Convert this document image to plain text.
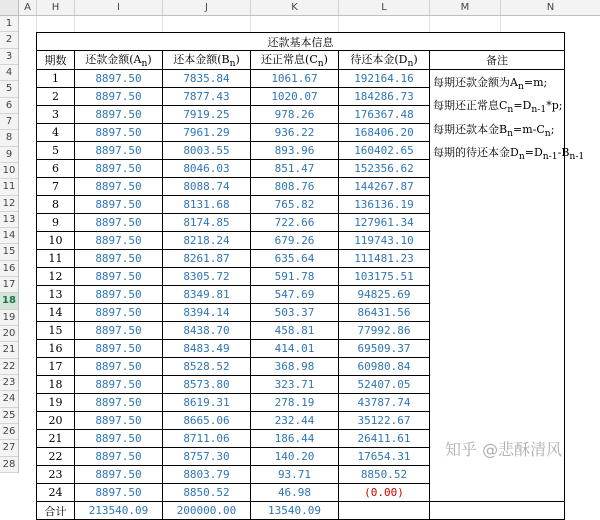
A	H	I	J	K	L	M	N
1
2
3
4
5
6
7
8
9
10
11
12
13
14
15
16
17
18
19
20
21
22
23
24
25
26
27
28
还款基本信息					
期数	还款金额$(A_n)$	还本金额$(B_n)$	还正常息$(C_n)$	待还本金$(D_n)$	备注
1	8897.50	7835.84	1061.67	192164.16	每期还款金额为$A_n=m$;
每期还正常息$C_n=D_{n-1}*p$;
每期还款本金$B_n=m-C_n$;
每期的待还本金$D_n=D_{n-1}-B_{n-1}$

2	8897.50	7877.43	1020.07	184286.73	
3	8897.50	7919.25	978.26	176367.48	
4	8897.50	7961.29	936.22	168406.20	
5	8897.50	8003.55	893.96	160402.65	
6	8897.50	8046.03	851.47	152356.62	
7	8897.50	8088.74	808.76	144267.87	
8	8897.50	8131.68	765.82	136136.19	
9	8897.50	8174.85	722.66	127961.34	
10	8897.50	8218.24	679.26	119743.10	
11	8897.50	8261.87	635.64	111481.23	
12	8897.50	8305.72	591.78	103175.51	
13	8897.50	8349.81	547.69	94825.69	
14	8897.50	8394.14	503.37	86431.56	
15	8897.50	8438.70	458.81	77992.86	
16	8897.50	8483.49	414.01	69509.37	
17	8897.50	8528.52	368.98	60980.84	
18	8897.50	8573.80	323.71	52407.05	
19	8897.50	8619.31	278.19	43787.74	
20	8897.50	8665.06	232.44	35122.67	
21	8897.50	8711.06	186.44	26411.61	
22	8897.50	8757.30	140.20	17654.31	
23	8897.50	8803.79	93.71	8850.52	
24	8897.50	8850.52	46.98	(0.00)	
合计	213540.09	200000.00	13540.09		
知乎 @悲酥清风
